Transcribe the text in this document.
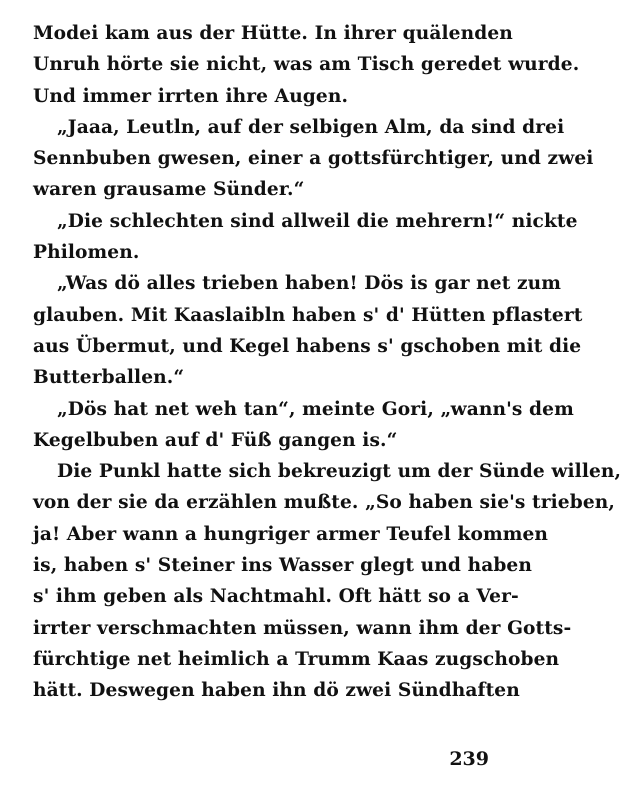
Modei kam aus der Hütte. In ihrer quälenden
Unruh hörte sie nicht, was am Tisch geredet wurde.
Und immer irrten ihre Augen.
„Jaaa, Leutln, auf der selbigen Alm, da sind drei
Sennbuben gwesen, einer a gottsfürchtiger, und zwei
waren grausame Sünder.“
„Die schlechten sind allweil die mehrern!“ nickte
Philomen.
„Was dö alles trieben haben! Dös is gar net zum
glauben. Mit Kaaslaibln haben s' d' Hütten pflastert
aus Übermut, und Kegel habens s' gschoben mit die
Butterballen.“
„Dös hat net weh tan“, meinte Gori, „wann's dem
Kegelbuben auf d' Füß gangen is.“
Die Punkl hatte sich bekreuzigt um der Sünde willen,
von der sie da erzählen mußte. „So haben sie's trieben,
ja! Aber wann a hungriger armer Teufel kommen
is, haben s' Steiner ins Wasser glegt und haben
s' ihm geben als Nachtmahl. Oft hätt so a Ver-
irrter verschmachten müssen, wann ihm der Gotts-
fürchtige net heimlich a Trumm Kaas zugschoben
hätt. Deswegen haben ihn dö zwei Sündhaften
239
